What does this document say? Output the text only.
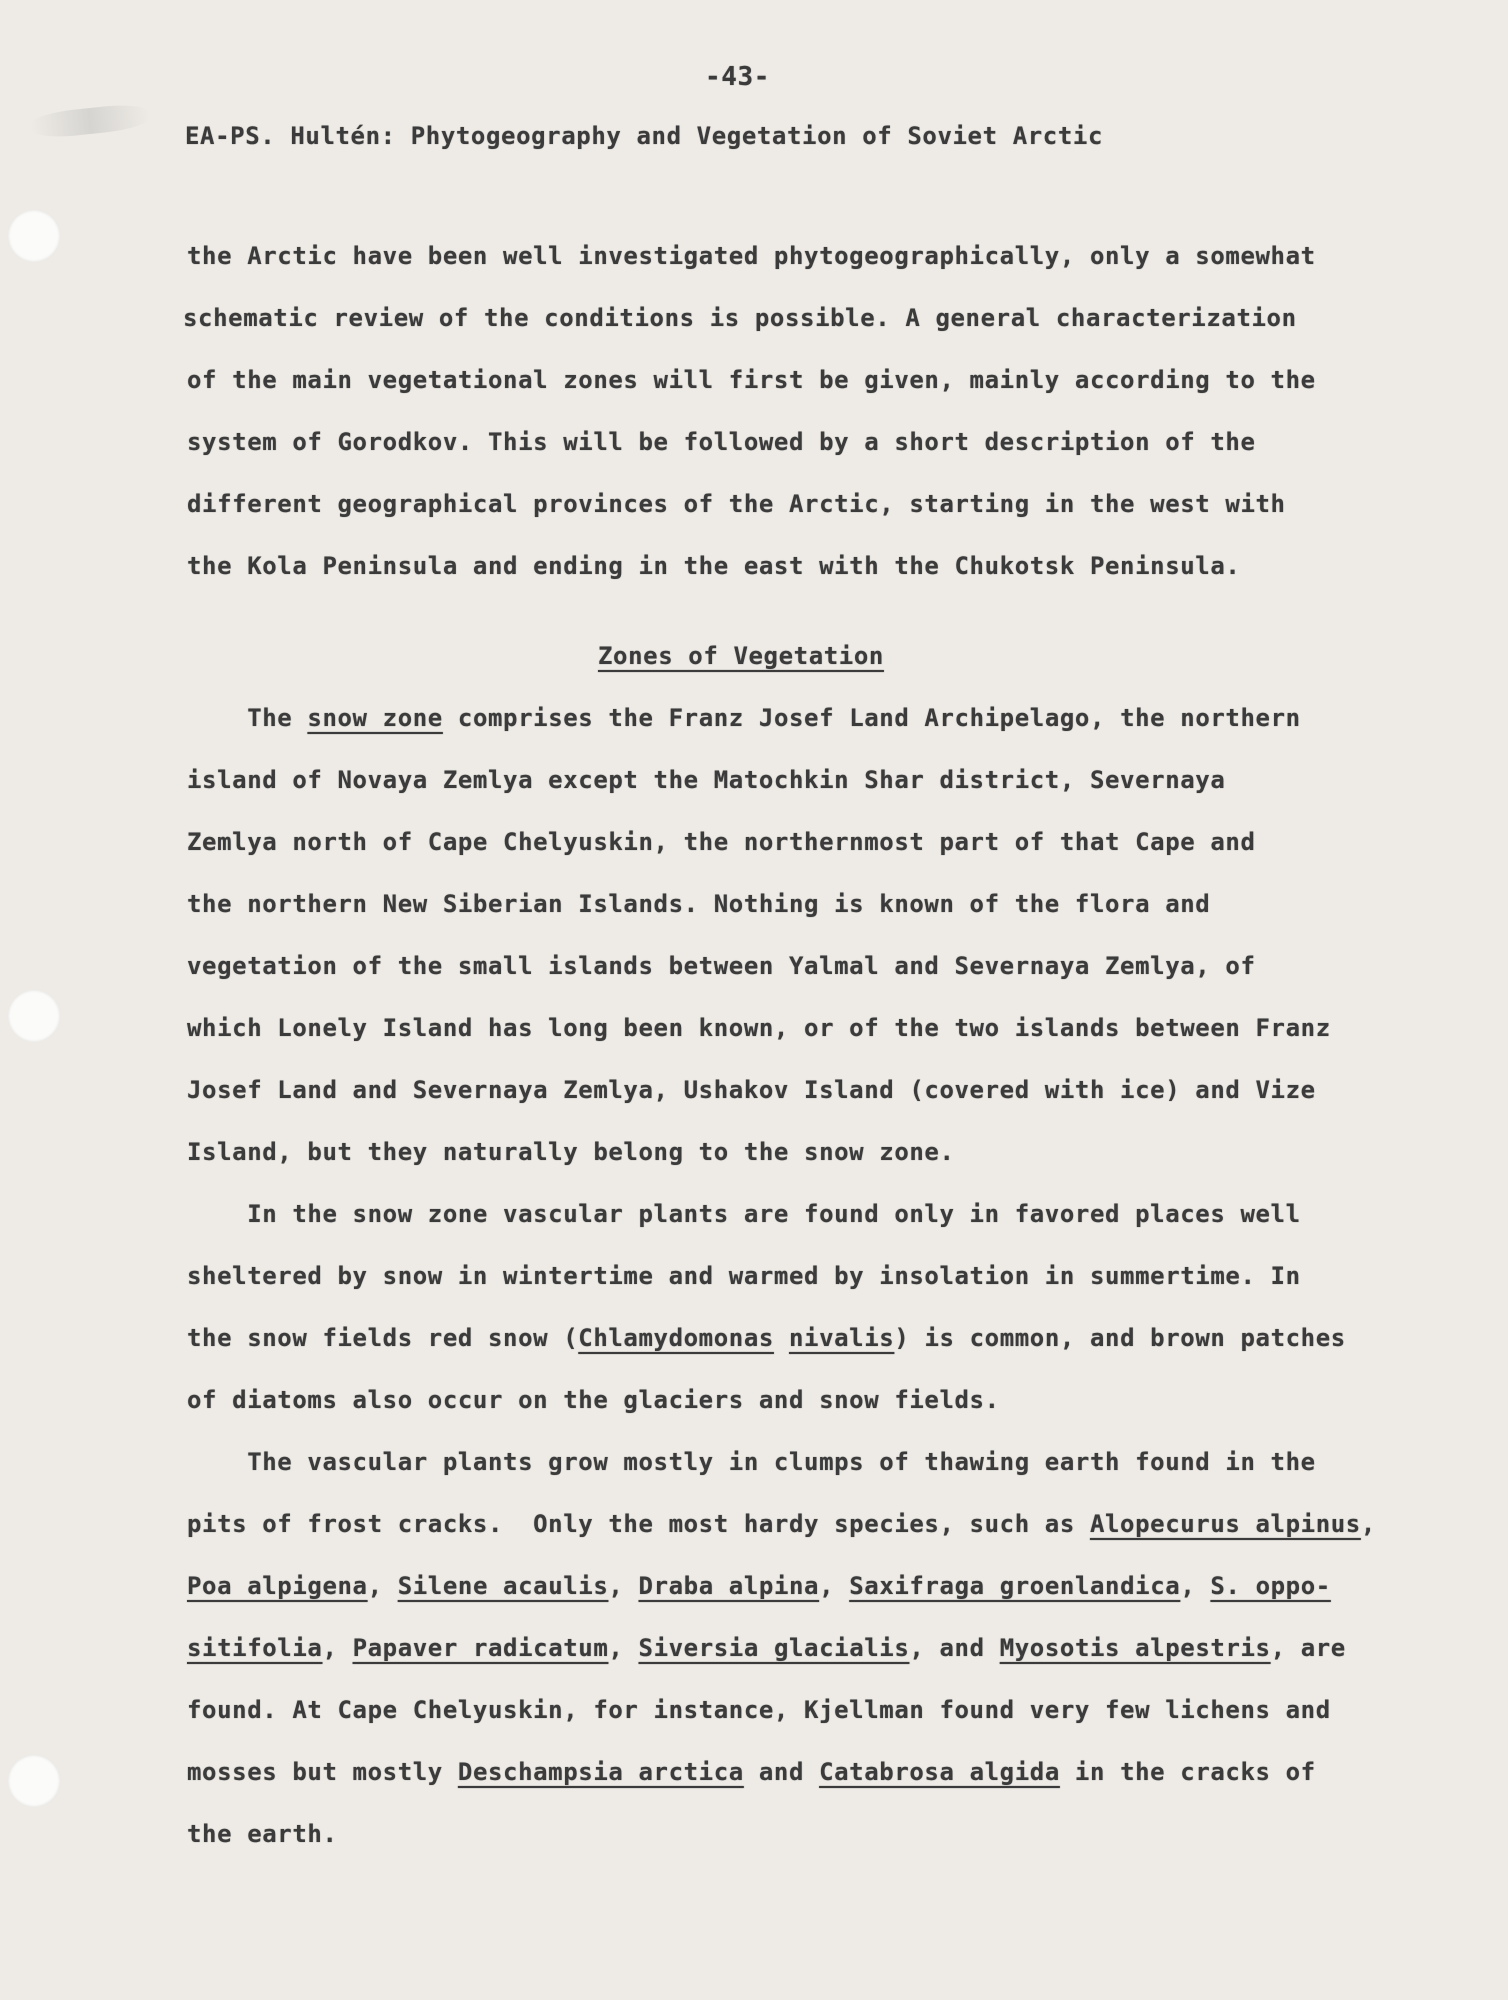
-43-
EA-PS. Hultén: Phytogeography and Vegetation of Soviet Arctic
the Arctic have been well investigated phytogeographically, only a somewhat
schematic review of the conditions is possible. A general characterization
of the main vegetational zones will first be given, mainly according to the
system of Gorodkov. This will be followed by a short description of the
different geographical provinces of the Arctic, starting in the west with
the Kola Peninsula and ending in the east with the Chukotsk Peninsula.
Zones of Vegetation
The snow zone comprises the Franz Josef Land Archipelago, the northern
island of Novaya Zemlya except the Matochkin Shar district, Severnaya
Zemlya north of Cape Chelyuskin, the northernmost part of that Cape and
the northern New Siberian Islands. Nothing is known of the flora and
vegetation of the small islands between Yalmal and Severnaya Zemlya, of
which Lonely Island has long been known, or of the two islands between Franz
Josef Land and Severnaya Zemlya, Ushakov Island (covered with ice) and Vize
Island, but they naturally belong to the snow zone.
In the snow zone vascular plants are found only in favored places well
sheltered by snow in wintertime and warmed by insolation in summertime. In
the snow fields red snow (Chlamydomonas nivalis) is common, and brown patches
of diatoms also occur on the glaciers and snow fields.
The vascular plants grow mostly in clumps of thawing earth found in the
pits of frost cracks.  Only the most hardy species, such as Alopecurus alpinus,
Poa alpigena, Silene acaulis, Draba alpina, Saxifraga groenlandica, S. oppo-
sitifolia, Papaver radicatum, Siversia glacialis, and Myosotis alpestris, are
found. At Cape Chelyuskin, for instance, Kjellman found very few lichens and
mosses but mostly Deschampsia arctica and Catabrosa algida in the cracks of
the earth.
